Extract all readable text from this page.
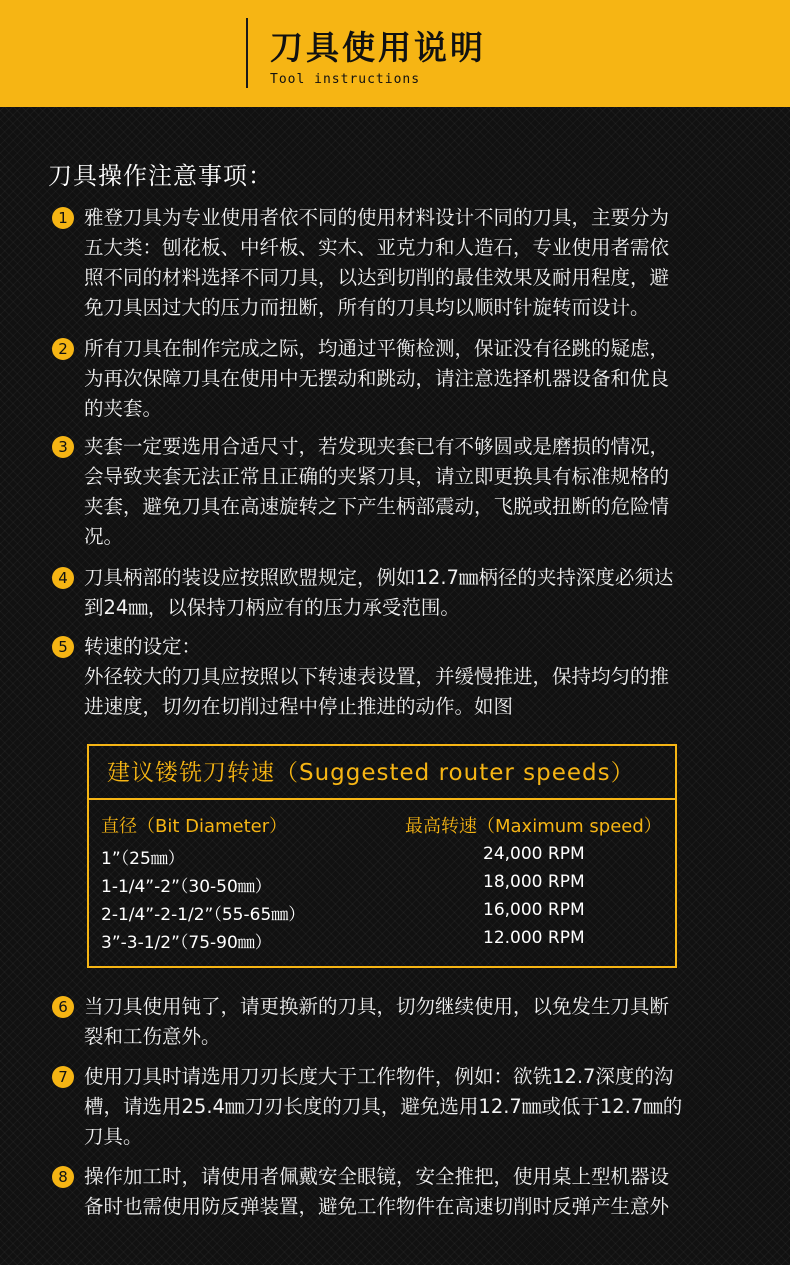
刀具使用说明
Tool instructions
刀具操作注意事项：
1 雅登刀具为专业使用者依不同的使用材料设计不同的刀具，主要分为
五大类：刨花板、中纤板、实木、亚克力和人造石，专业使用者需依
照不同的材料选择不同刀具，以达到切削的最佳效果及耐用程度，避
免刀具因过大的压力而扭断，所有的刀具均以顺时针旋转而设计。
2 所有刀具在制作完成之际，均通过平衡检测，保证没有径跳的疑虑，
为再次保障刀具在使用中无摆动和跳动，请注意选择机器设备和优良
的夹套。
3 夹套一定要选用合适尺寸，若发现夹套已有不够圆或是磨损的情况，
会导致夹套无法正常且正确的夹紧刀具，请立即更换具有标准规格的
夹套，避免刀具在高速旋转之下产生柄部震动，飞脱或扭断的危险情
况。
4 刀具柄部的装设应按照欧盟规定，例如12.7㎜柄径的夹持深度必须达
到24㎜，以保持刀柄应有的压力承受范围。
5 转速的设定：
外径较大的刀具应按照以下转速表设置，并缓慢推进，保持均匀的推
进速度，切勿在切削过程中停止推进的动作。如图
建议镂铣刀转速（Suggested router speeds）
直径（Bit Diameter）	最高转速（Maximum speed）
1”（25㎜）	24,000 RPM
1-1/4”-2”（30-50㎜）	18,000 RPM
2-1/4”-2-1/2”（55-65㎜）	16,000 RPM
3”-3-1/2”（75-90㎜）	12.000 RPM
6 当刀具使用钝了，请更换新的刀具，切勿继续使用，以免发生刀具断
裂和工伤意外。
7 使用刀具时请选用刀刃长度大于工作物件，例如：欲铣12.7深度的沟
槽，请选用25.4㎜刀刃长度的刀具，避免选用12.7㎜或低于12.7㎜的
刀具。
8 操作加工时，请使用者佩戴安全眼镜，安全推把，使用桌上型机器设
备时也需使用防反弹装置，避免工作物件在高速切削时反弹产生意外
